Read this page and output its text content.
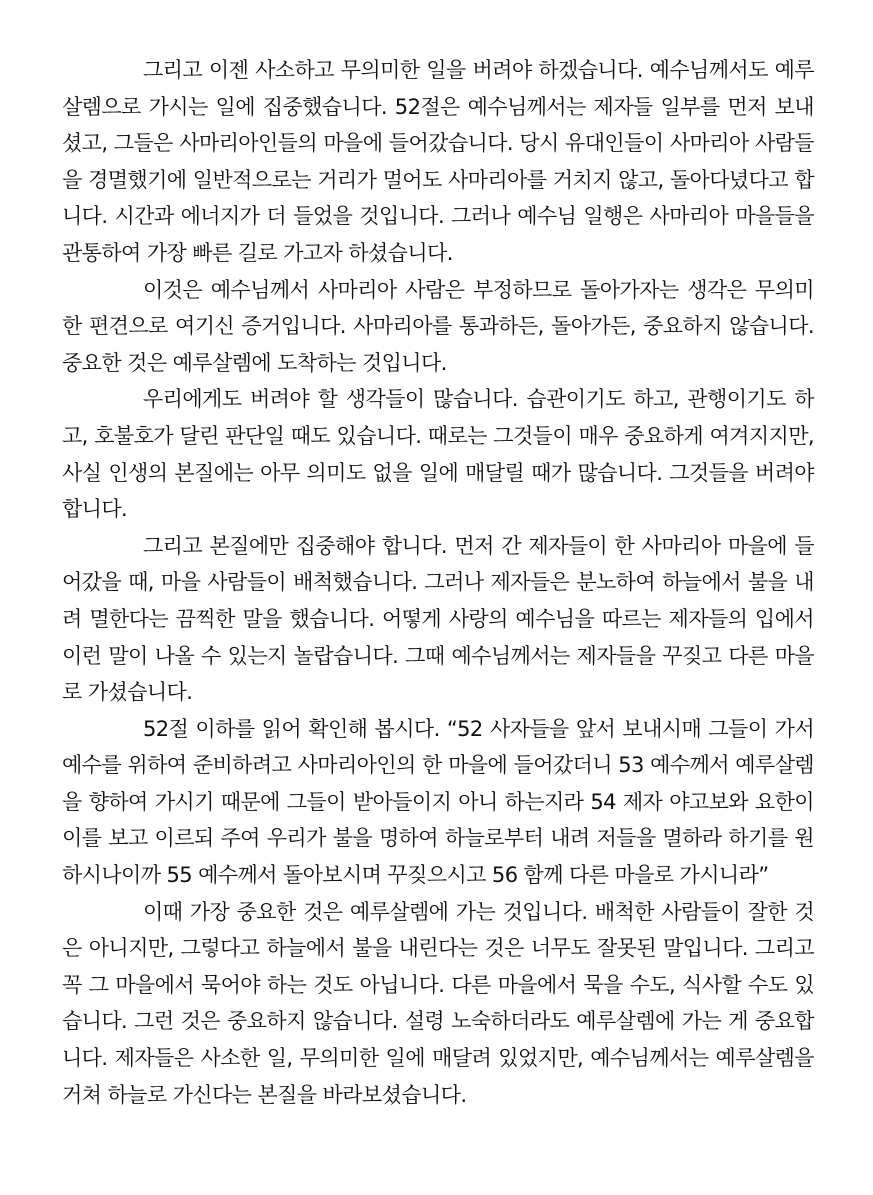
그리고 이젠 사소하고 무의미한 일을 버려야 하겠습니다. 예수님께서도 예루살렘으로 가시는 일에 집중했습니다. 52절은 예수님께서는 제자들 일부를 먼저 보내셨고, 그들은 사마리아인들의 마을에 들어갔습니다. 당시 유대인들이 사마리아 사람들을 경멸했기에 일반적으로는 거리가 멀어도 사마리아를 거치지 않고, 돌아다녔다고 합니다. 시간과 에너지가 더 들었을 것입니다. 그러나 예수님 일행은 사마리아 마을들을 관통하여 가장 빠른 길로 가고자 하셨습니다.

이것은 예수님께서 사마리아 사람은 부정하므로 돌아가자는 생각은 무의미한 편견으로 여기신 증거입니다. 사마리아를 통과하든, 돌아가든, 중요하지 않습니다. 중요한 것은 예루살렘에 도착하는 것입니다.

우리에게도 버려야 할 생각들이 많습니다. 습관이기도 하고, 관행이기도 하고, 호불호가 달린 판단일 때도 있습니다. 때로는 그것들이 매우 중요하게 여겨지지만, 사실 인생의 본질에는 아무 의미도 없을 일에 매달릴 때가 많습니다. 그것들을 버려야 합니다.

그리고 본질에만 집중해야 합니다. 먼저 간 제자들이 한 사마리아 마을에 들어갔을 때, 마을 사람들이 배척했습니다. 그러나 제자들은 분노하여 하늘에서 불을 내려 멸한다는 끔찍한 말을 했습니다. 어떻게 사랑의 예수님을 따르는 제자들의 입에서 이런 말이 나올 수 있는지 놀랍습니다. 그때 예수님께서는 제자들을 꾸짖고 다른 마을로 가셨습니다.

52절 이하를 읽어 확인해 봅시다. “52 사자들을 앞서 보내시매 그들이 가서 예수를 위하여 준비하려고 사마리아인의 한 마을에 들어갔더니 53 예수께서 예루살렘을 향하여 가시기 때문에 그들이 받아들이지 아니 하는지라 54 제자 야고보와 요한이 이를 보고 이르되 주여 우리가 불을 명하여 하늘로부터 내려 저들을 멸하라 하기를 원하시나이까 55 예수께서 돌아보시며 꾸짖으시고 56 함께 다른 마을로 가시니라”

이때 가장 중요한 것은 예루살렘에 가는 것입니다. 배척한 사람들이 잘한 것은 아니지만, 그렇다고 하늘에서 불을 내린다는 것은 너무도 잘못된 말입니다. 그리고 꼭 그 마을에서 묵어야 하는 것도 아닙니다. 다른 마을에서 묵을 수도, 식사할 수도 있습니다. 그런 것은 중요하지 않습니다. 설령 노숙하더라도 예루살렘에 가는 게 중요합니다. 제자들은 사소한 일, 무의미한 일에 매달려 있었지만, 예수님께서는 예루살렘을 거쳐 하늘로 가신다는 본질을 바라보셨습니다.
